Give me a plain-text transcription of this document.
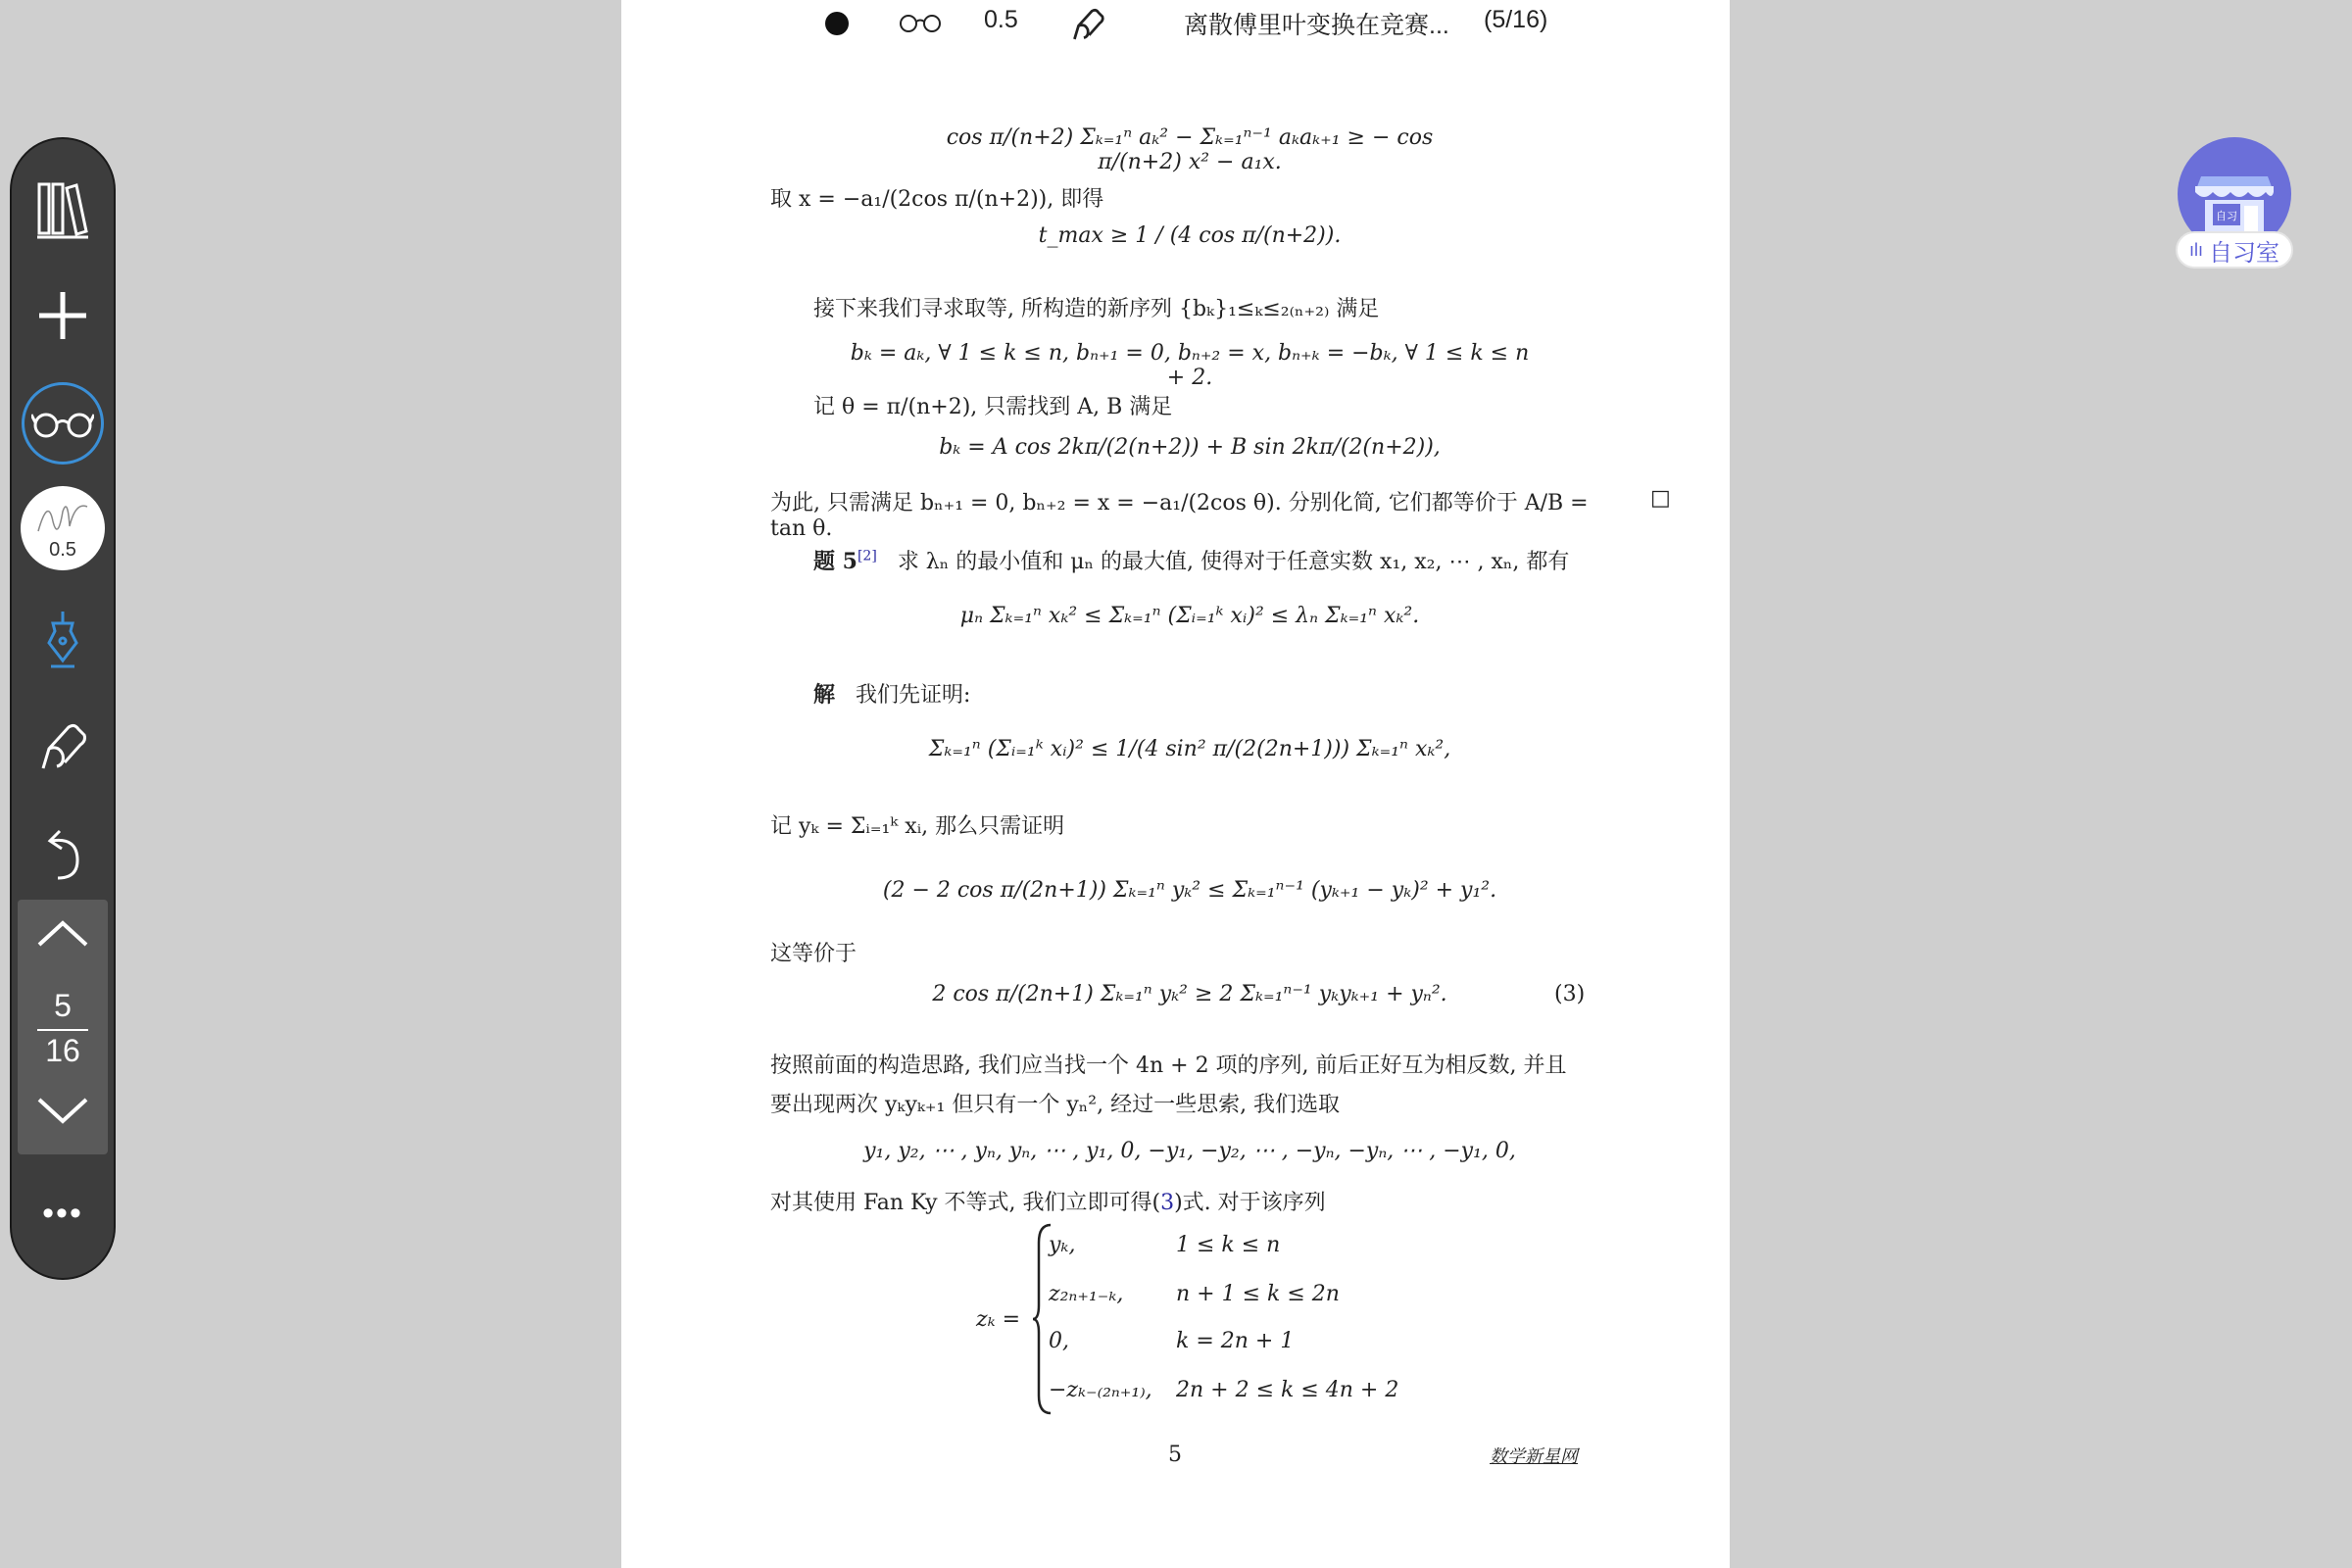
0.5
5
16
•••
自习
ılı 自习室
0.5	离散傅里叶变换在竞赛... (5/16)
cos π/(n+2) Σₖ₌₁ⁿ aₖ² − Σₖ₌₁ⁿ⁻¹ aₖaₖ₊₁ ≥ − cos π/(n+2) x² − a₁x.
取 x = −a₁/(2cos π/(n+2)), 即得
t_max ≥ 1 / (4 cos π/(n+2)).
接下来我们寻求取等, 所构造的新序列 {bₖ}₁≤ₖ≤₂₍ₙ₊₂₎ 满足
bₖ = aₖ, ∀ 1 ≤ k ≤ n, bₙ₊₁ = 0, bₙ₊₂ = x, bₙ₊ₖ = −bₖ, ∀ 1 ≤ k ≤ n + 2.
记 θ = π/(n+2), 只需找到 A, B 满足
bₖ = A cos 2kπ/(2(n+2)) + B sin 2kπ/(2(n+2)),
为此, 只需满足 bₙ₊₁ = 0, bₙ₊₂ = x = −a₁/(2cos θ). 分别化简, 它们都等价于 A/B = tan θ.
□
题 5[2] 求 λₙ 的最小值和 μₙ 的最大值, 使得对于任意实数 x₁, x₂, ⋯ , xₙ, 都有
μₙ Σₖ₌₁ⁿ xₖ² ≤ Σₖ₌₁ⁿ (Σᵢ₌₁ᵏ xᵢ)² ≤ λₙ Σₖ₌₁ⁿ xₖ².
解 我们先证明:
Σₖ₌₁ⁿ (Σᵢ₌₁ᵏ xᵢ)² ≤ 1/(4 sin² π/(2(2n+1))) Σₖ₌₁ⁿ xₖ²,
记 yₖ = Σᵢ₌₁ᵏ xᵢ, 那么只需证明
(2 − 2 cos π/(2n+1)) Σₖ₌₁ⁿ yₖ² ≤ Σₖ₌₁ⁿ⁻¹ (yₖ₊₁ − yₖ)² + y₁².
这等价于
2 cos π/(2n+1) Σₖ₌₁ⁿ yₖ² ≥ 2 Σₖ₌₁ⁿ⁻¹ yₖyₖ₊₁ + yₙ².	(3)
按照前面的构造思路, 我们应当找一个 4n + 2 项的序列, 前后正好互为相反数, 并且
要出现两次 yₖyₖ₊₁ 但只有一个 yₙ², 经过一些思索, 我们选取
y₁, y₂, ⋯ , yₙ, yₙ, ⋯ , y₁, 0, −y₁, −y₂, ⋯ , −yₙ, −yₙ, ⋯ , −y₁, 0,
对其使用 Fan Ky 不等式, 我们立即可得(3)式. 对于该序列
zₖ =
yₖ,	1 ≤ k ≤ n
z₂ₙ₊₁₋ₖ, n + 1 ≤ k ≤ 2n
0,	k = 2n + 1
−zₖ₋₍₂ₙ₊₁₎, 2n + 2 ≤ k ≤ 4n + 2
5	数学新星网
